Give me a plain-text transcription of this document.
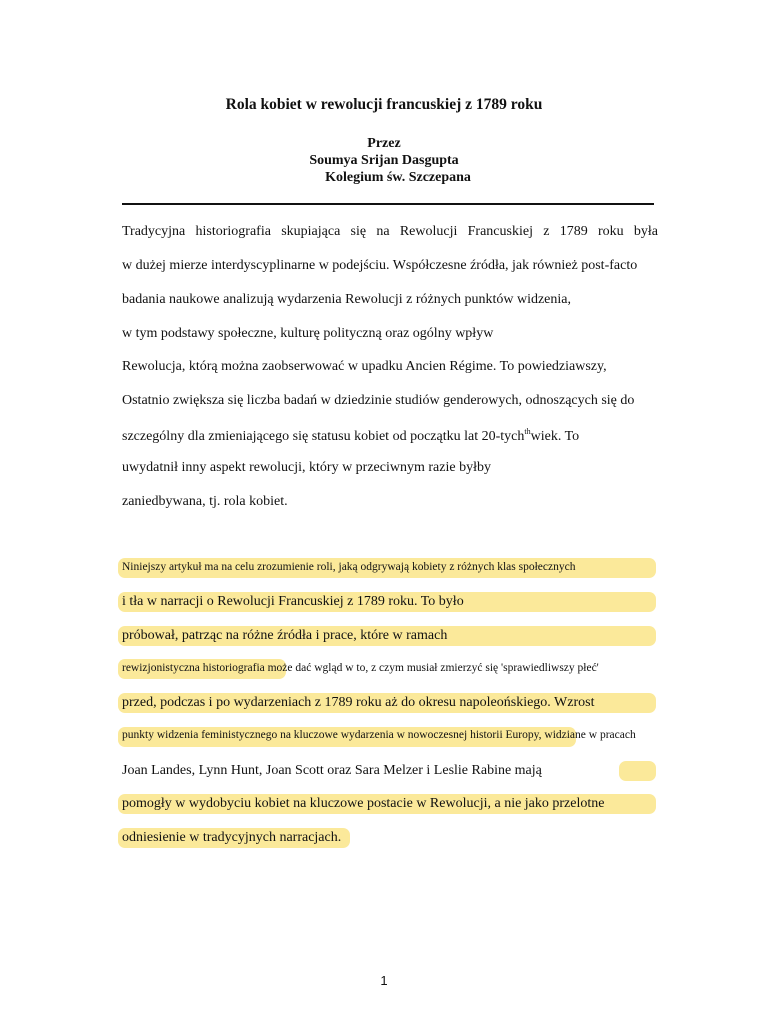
Rola kobiet w rewolucji francuskiej z 1789 roku

Przez

Soumya Srijan Dasgupta

Kolegium św. Szczepana

Tradycyjna historiografia skupiająca się na Rewolucji Francuskiej z 1789 roku była

w dużej mierze interdyscyplinarne w podejściu. Współczesne źródła, jak również post-facto

badania naukowe analizują wydarzenia Rewolucji z różnych punktów widzenia,

w tym podstawy społeczne, kulturę polityczną oraz ogólny wpływ

Rewolucja, którą można zaobserwować w upadku Ancien Régime. To powiedziawszy,

Ostatnio zwiększa się liczba badań w dziedzinie studiów genderowych, odnoszących się do

szczególny dla zmieniającego się statusu kobiet od początku lat 20-tych$^{th}$wiek. To

uwydatnił inny aspekt rewolucji, który w przeciwnym razie byłby

zaniedbywana, tj. rola kobiet.

Niniejszy artykuł ma na celu zrozumienie roli, jaką odgrywają kobiety z różnych klas społecznych

i tła w narracji o Rewolucji Francuskiej z 1789 roku. To było

próbował, patrząc na różne źródła i prace, które w ramach

rewizjonistyczna historiografia może dać wgląd w to, z czym musiał zmierzyć się 'sprawiedliwszy płeć'

przed, podczas i po wydarzeniach z 1789 roku aż do okresu napoleońskiego. Wzrost

punkty widzenia feministycznego na kluczowe wydarzenia w nowoczesnej historii Europy, widziane w pracach

Joan Landes, Lynn Hunt, Joan Scott oraz Sara Melzer i Leslie Rabine mają

pomogły w wydobyciu kobiet na kluczowe postacie w Rewolucji, a nie jako przelotne

odniesienie w tradycyjnych narracjach.

1
